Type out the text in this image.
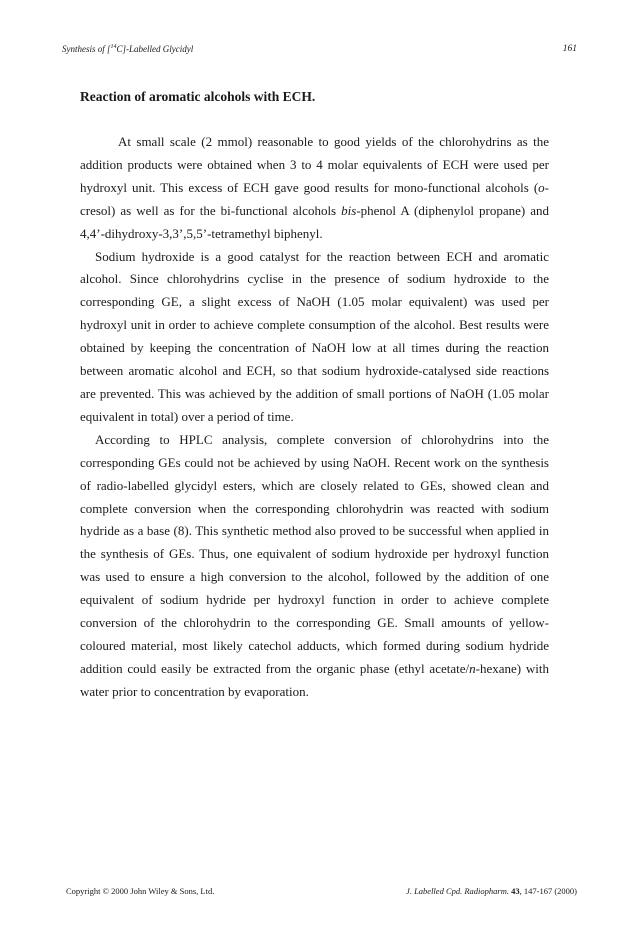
Synthesis of [$^{14}$C]-Labelled Glycidyl	161
Reaction of aromatic alcohols with ECH.

At small scale (2 mmol) reasonable to good yields of the chlorohydrins as the addition products were obtained when 3 to 4 molar equivalents of ECH were used per hydroxyl unit. This excess of ECH gave good results for mono-functional alcohols (o-cresol) as well as for the bi-functional alcohols bis-phenol A (diphenylol propane) and 4,4’-dihydroxy-3,3’,5,5’-tetramethyl biphenyl.

Sodium hydroxide is a good catalyst for the reaction between ECH and aromatic alcohol. Since chlorohydrins cyclise in the presence of sodium hydroxide to the corresponding GE, a slight excess of NaOH (1.05 molar equivalent) was used per hydroxyl unit in order to achieve complete consumption of the alcohol. Best results were obtained by keeping the concentration of NaOH low at all times during the reaction between aromatic alcohol and ECH, so that sodium hydroxide-catalysed side reactions are prevented. This was achieved by the addition of small portions of NaOH (1.05 molar equivalent in total) over a period of time.

According to HPLC analysis, complete conversion of chlorohydrins into the corresponding GEs could not be achieved by using NaOH. Recent work on the synthesis of radio-labelled glycidyl esters, which are closely related to GEs, showed clean and complete conversion when the corresponding chlorohydrin was reacted with sodium hydride as a base (8). This synthetic method also proved to be successful when applied in the synthesis of GEs. Thus, one equivalent of sodium hydroxide per hydroxyl function was used to ensure a high conversion to the alcohol, followed by the addition of one equivalent of sodium hydride per hydroxyl function in order to achieve complete conversion of the chlorohydrin to the corresponding GE. Small amounts of yellow-coloured material, most likely catechol adducts, which formed during sodium hydride addition could easily be extracted from the organic phase (ethyl acetate/n-hexane) with water prior to concentration by evaporation.

Copyright © 2000 John Wiley & Sons, Ltd.	J. Labelled Cpd. Radiopharm. 43, 147-167 (2000)
